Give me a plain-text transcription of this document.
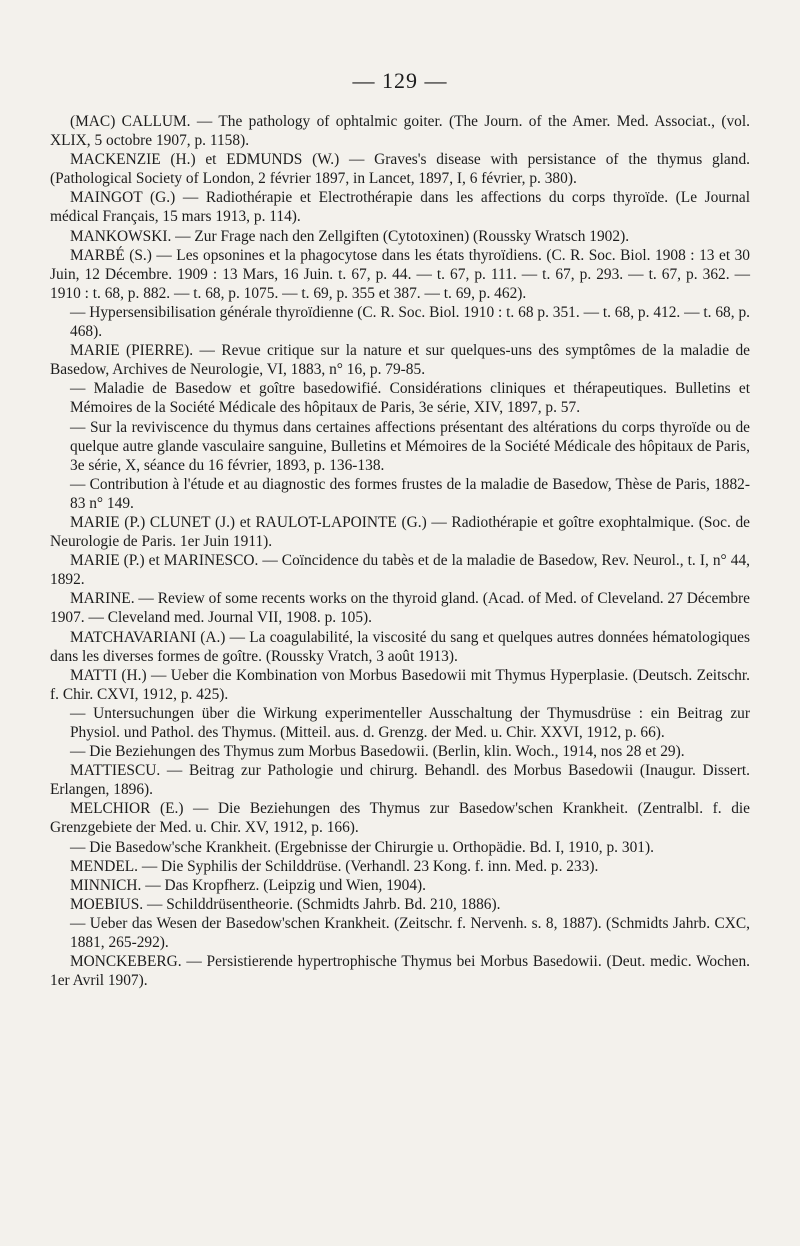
— 129 —

(MAC) CALLUM. — The pathology of ophtalmic goiter. (The Journ. of the Amer. Med. Associat., (vol. XLIX, 5 octobre 1907, p. 1158).

MACKENZIE (H.) et EDMUNDS (W.) — Graves's disease with persistance of the thymus gland. (Pathological Society of London, 2 février 1897, in Lancet, 1897, I, 6 février, p. 380).

MAINGOT (G.) — Radiothérapie et Electrothérapie dans les affections du corps thyroïde. (Le Journal médical Français, 15 mars 1913, p. 114).

MANKOWSKI. — Zur Frage nach den Zellgiften (Cytotoxinen) (Roussky Wratsch 1902).

MARBÉ (S.) — Les opsonines et la phagocytose dans les états thyroïdiens. (C. R. Soc. Biol. 1908 : 13 et 30 Juin, 12 Décembre. 1909 : 13 Mars, 16 Juin. t. 67, p. 44. — t. 67, p. 111. — t. 67, p. 293. — t. 67, p. 362. — 1910 : t. 68, p. 882. — t. 68, p. 1075. — t. 69, p. 355 et 387. — t. 69, p. 462).

— Hypersensibilisation générale thyroïdienne (C. R. Soc. Biol. 1910 : t. 68 p. 351. — t. 68, p. 412. — t. 68, p. 468).

MARIE (PIERRE). — Revue critique sur la nature et sur quelques-uns des symptômes de la maladie de Basedow, Archives de Neurologie, VI, 1883, n° 16, p. 79-85.

— Maladie de Basedow et goître basedowifié. Considérations cliniques et thérapeutiques. Bulletins et Mémoires de la Société Médicale des hôpitaux de Paris, 3e série, XIV, 1897, p. 57.

— Sur la reviviscence du thymus dans certaines affections présentant des altérations du corps thyroïde ou de quelque autre glande vasculaire sanguine, Bulletins et Mémoires de la Société Médicale des hôpitaux de Paris, 3e série, X, séance du 16 février, 1893, p. 136-138.

— Contribution à l'étude et au diagnostic des formes frustes de la maladie de Basedow, Thèse de Paris, 1882-83 n° 149.

MARIE (P.) CLUNET (J.) et RAULOT-LAPOINTE (G.) — Radiothérapie et goître exophtalmique. (Soc. de Neurologie de Paris. 1er Juin 1911).

MARIE (P.) et MARINESCO. — Coïncidence du tabès et de la maladie de Basedow, Rev. Neurol., t. I, n° 44, 1892.

MARINE. — Review of some recents works on the thyroid gland. (Acad. of Med. of Cleveland. 27 Décembre 1907. — Cleveland med. Journal VII, 1908. p. 105).

MATCHAVARIANI (A.) — La coagulabilité, la viscosité du sang et quelques autres données hématologiques dans les diverses formes de goître. (Roussky Vratch, 3 août 1913).

MATTI (H.) — Ueber die Kombination von Morbus Basedowii mit Thymus Hyperplasie. (Deutsch. Zeitschr. f. Chir. CXVI, 1912, p. 425).

— Untersuchungen über die Wirkung experimenteller Ausschaltung der Thymusdrüse : ein Beitrag zur Physiol. und Pathol. des Thymus. (Mitteil. aus. d. Grenzg. der Med. u. Chir. XXVI, 1912, p. 66).

— Die Beziehungen des Thymus zum Morbus Basedowii. (Berlin, klin. Woch., 1914, nos 28 et 29).

MATTIESCU. — Beitrag zur Pathologie und chirurg. Behandl. des Morbus Basedowii (Inaugur. Dissert. Erlangen, 1896).

MELCHIOR (E.) — Die Beziehungen des Thymus zur Basedow'schen Krankheit. (Zentralbl. f. die Grenzgebiete der Med. u. Chir. XV, 1912, p. 166).

— Die Basedow'sche Krankheit. (Ergebnisse der Chirurgie u. Orthopädie. Bd. I, 1910, p. 301).

MENDEL. — Die Syphilis der Schilddrüse. (Verhandl. 23 Kong. f. inn. Med. p. 233).

MINNICH. — Das Kropfherz. (Leipzig und Wien, 1904).

MOEBIUS. — Schilddrüsentheorie. (Schmidts Jahrb. Bd. 210, 1886).

— Ueber das Wesen der Basedow'schen Krankheit. (Zeitschr. f. Nervenh. s. 8, 1887). (Schmidts Jahrb. CXC, 1881, 265-292).

MONCKEBERG. — Persistierende hypertrophische Thymus bei Morbus Basedowii. (Deut. medic. Wochen. 1er Avril 1907).
